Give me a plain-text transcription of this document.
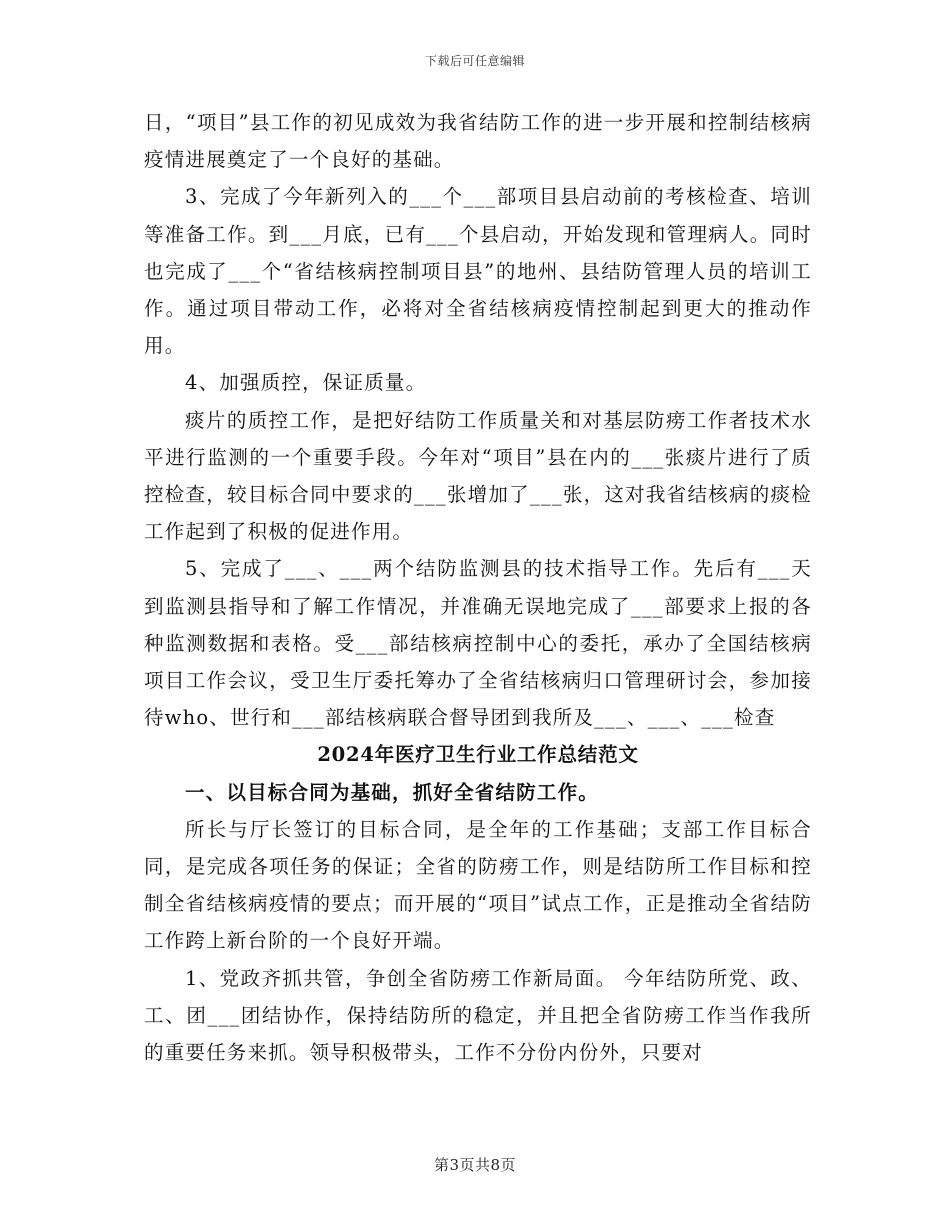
下载后可任意编辑

日，“项目”县工作的初见成效为我省结防工作的进一步开展和控制结核病疫情进展奠定了一个良好的基础。

3、完成了今年新列入的___个___部项目县启动前的考核检查、培训等准备工作。到___月底，已有___个县启动，开始发现和管理病人。同时也完成了___个“省结核病控制项目县”的地州、县结防管理人员的培训工作。通过项目带动工作，必将对全省结核病疫情控制起到更大的推动作用。

4、加强质控，保证质量。

痰片的质控工作，是把好结防工作质量关和对基层防痨工作者技术水平进行监测的一个重要手段。今年对“项目”县在内的___张痰片进行了质控检查，较目标合同中要求的___张增加了___张，这对我省结核病的痰检工作起到了积极的促进作用。

5、完成了___、___两个结防监测县的技术指导工作。先后有___天到监测县指导和了解工作情况，并准确无误地完成了___部要求上报的各种监测数据和表格。受___部结核病控制中心的委托，承办了全国结核病项目工作会议，受卫生厅委托筹办了全省结核病归口管理研讨会，参加接待who、世行和___部结核病联合督导团到我所及___、___、___检查

2024年医疗卫生行业工作总结范文

一、以目标合同为基础，抓好全省结防工作。

所长与厅长签订的目标合同，是全年的工作基础；支部工作目标合同，是完成各项任务的保证；全省的防痨工作，则是结防所工作目标和控制全省结核病疫情的要点；而开展的“项目”试点工作，正是推动全省结防工作跨上新台阶的一个良好开端。

1、党政齐抓共管，争创全省防痨工作新局面。 今年结防所党、政、工、团___团结协作，保持结防所的稳定，并且把全省防痨工作当作我所的重要任务来抓。领导积极带头，工作不分份内份外，只要对

第3页共8页
